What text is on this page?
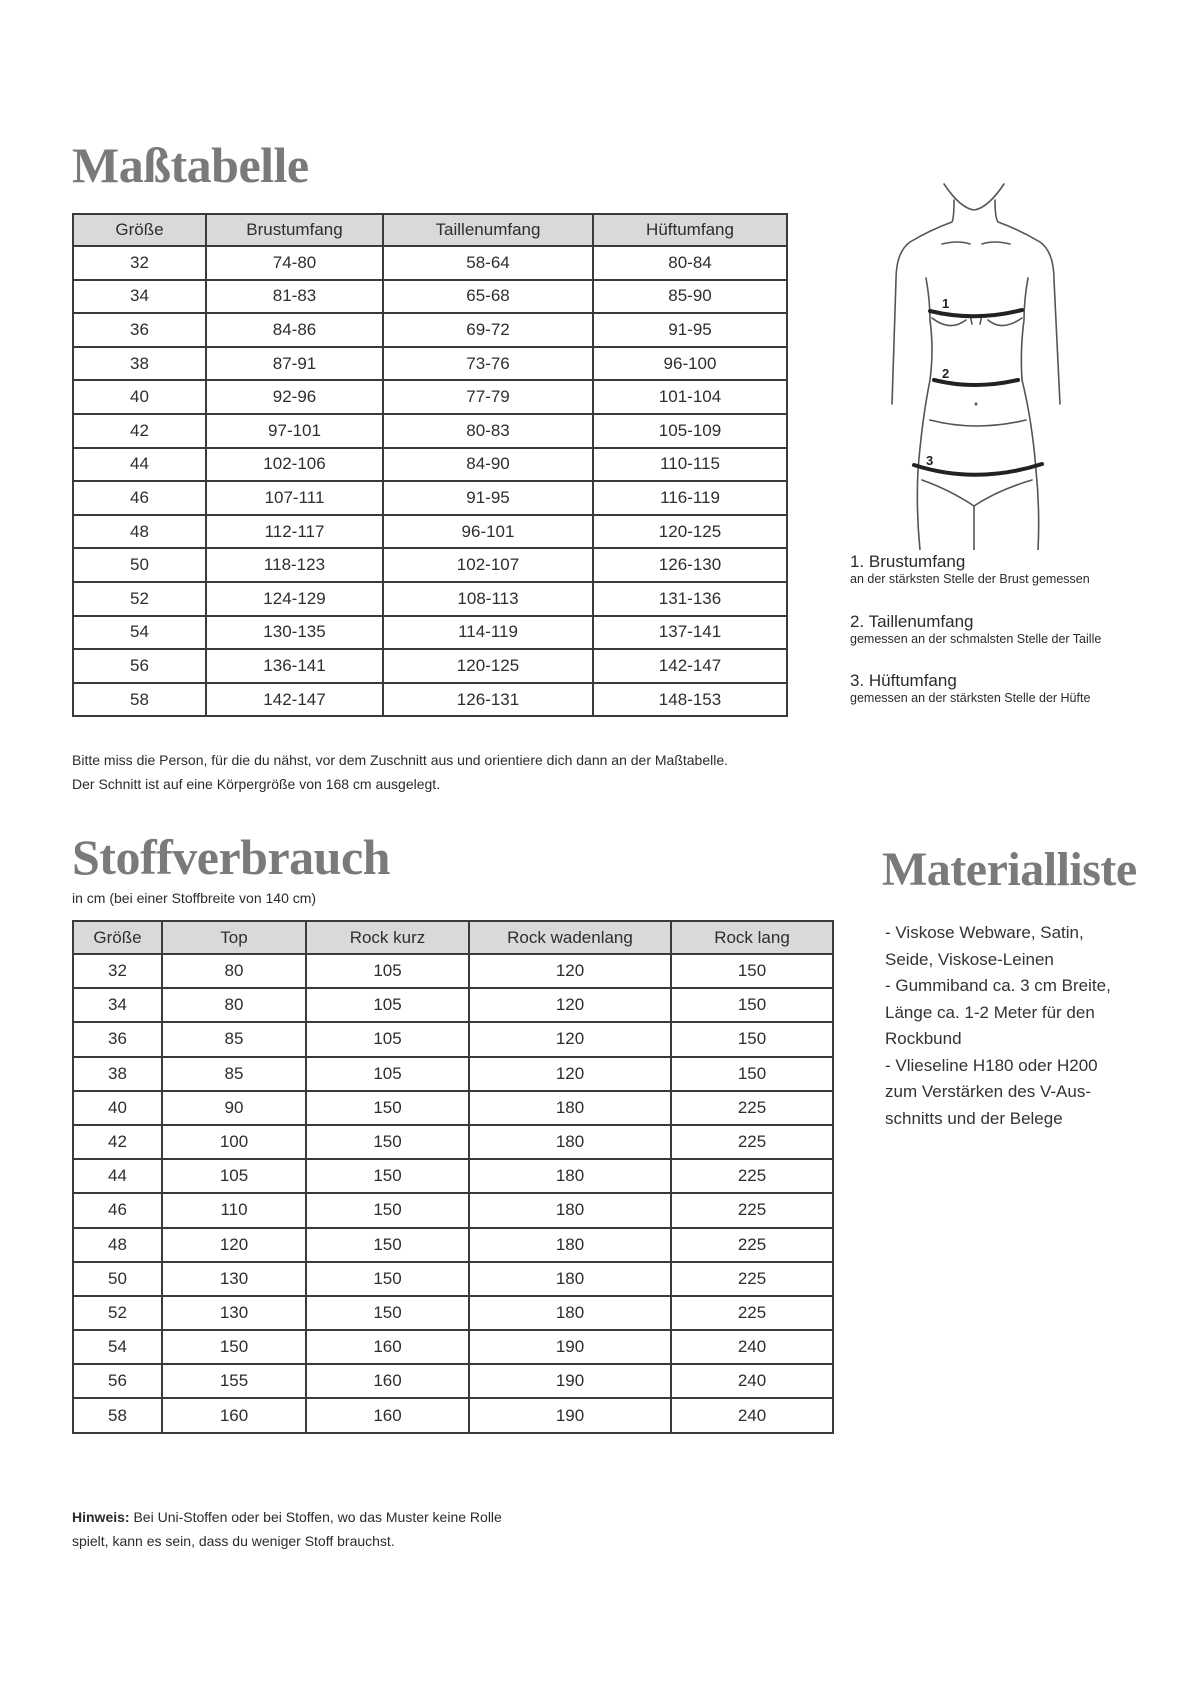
Maßtabelle
Größe	Brustumfang	Taillenumfang	Hüftumfang
32	74-80	58-64	80-84
34	81-83	65-68	85-90
36	84-86	69-72	91-95
38	87-91	73-76	96-100
40	92-96	77-79	101-104
42	97-101	80-83	105-109
44	102-106	84-90	110-115
46	107-111	91-95	116-119
48	112-117	96-101	120-125
50	118-123	102-107	126-130
52	124-129	108-113	131-136
54	130-135	114-119	137-141
56	136-141	120-125	142-147
58	142-147	126-131	148-153
1
2
3
1. Brustumfang
an der stärksten Stelle der Brust gemessen
2. Taillenumfang
gemessen an der schmalsten Stelle der Taille
3. Hüftumfang
gemessen an der stärksten Stelle der Hüfte

Bitte miss die Person, für die du nähst, vor dem Zuschnitt aus und orientiere dich dann an der Maßtabelle.

Der Schnitt ist auf eine Körpergröße von 168 cm ausgelegt.

Stoffverbrauch

in cm (bei einer Stoffbreite von 140 cm)

Größe	Top	Rock kurz	Rock wadenlang	Rock lang
32	80	105	120	150
34	80	105	120	150
36	85	105	120	150
38	85	105	120	150
40	90	150	180	225
42	100	150	180	225
44	105	150	180	225
46	110	150	180	225
48	120	150	180	225
50	130	150	180	225
52	130	150	180	225
54	150	160	190	240
56	155	160	190	240
58	160	160	190	240

Hinweis: Bei Uni-Stoffen oder bei Stoffen, wo das Muster keine Rolle
spielt, kann es sein, dass du weniger Stoff brauchst.

Materialliste
- Viskose Webware, Satin,
Seide, Viskose-Leinen
- Gummiband ca. 3 cm Breite,
Länge ca. 1-2 Meter für den
Rockbund
- Vlieseline H180 oder H200
zum Verstärken des V-Aus-
schnitts und der Belege
